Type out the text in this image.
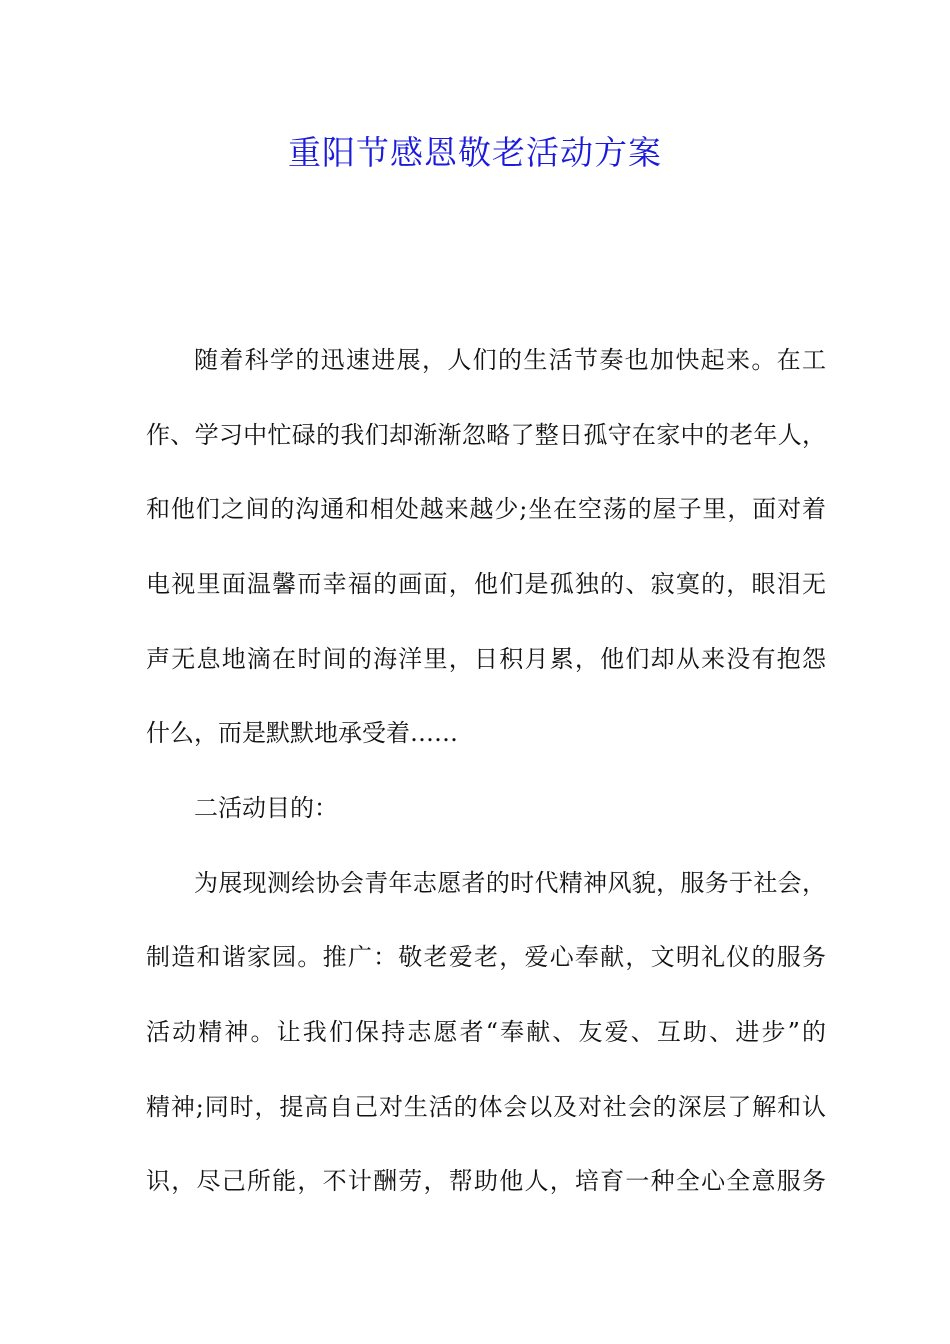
重阳节感恩敬老活动方案
随着科学的迅速进展，人们的生活节奏也加快起来。在工
作、学习中忙碌的我们却渐渐忽略了整日孤守在家中的老年人，
和他们之间的沟通和相处越来越少;坐在空荡的屋子里，面对着
电视里面温馨而幸福的画面，他们是孤独的、寂寞的，眼泪无
声无息地滴在时间的海洋里，日积月累，他们却从来没有抱怨
什么，而是默默地承受着……
二活动目的：
为展现测绘协会青年志愿者的时代精神风貌，服务于社会，
制造和谐家园。推广：敬老爱老，爱心奉献，文明礼仪的服务
活动精神。让我们保持志愿者“奉献、友爱、互助、进步”的
精神;同时，提高自己对生活的体会以及对社会的深层了解和认
识，尽己所能，不计酬劳，帮助他人，培育一种全心全意服务
